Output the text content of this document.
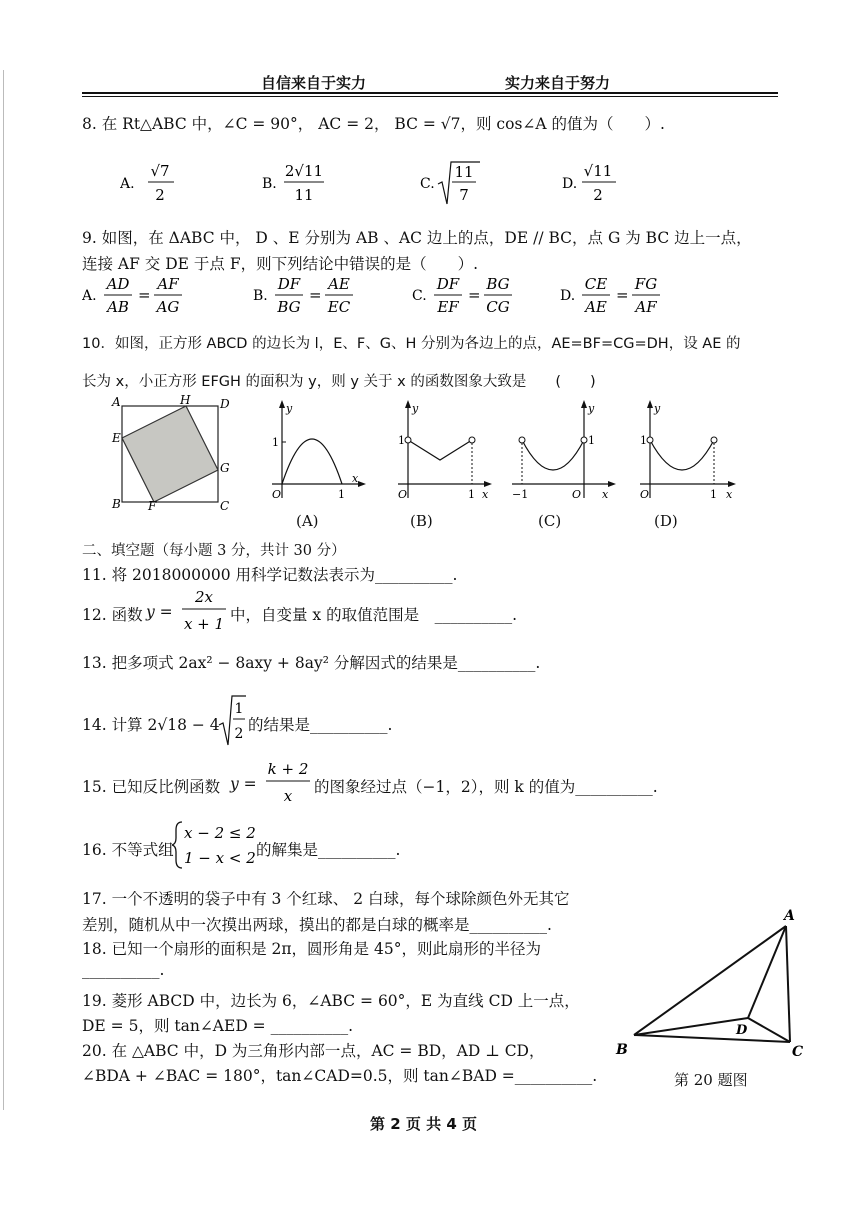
自信来自于实力	实力来自于努力
8. 在 Rt△ABC 中，∠C = 90°， AC = 2， BC = √7，则 cos∠A 的值为（　　）.
A.
√7
2
B.
2√11
11
C.
11
7
D.
√11
2
9. 如图，在 ΔABC 中， D 、E 分别为 AB 、AC 边上的点，DE // BC，点 G 为 BC 边上一点，
连接 AF 交 DE 于点 F，则下列结论中错误的是（　　）.
A.
AD
AB
=
AF
AG
B.
DF
BG
=
AE
EC
C.
DF
EF
=
BG
CG
D.
CE
AE
=
FG
AF
10．如图，正方形 ABCD 的边长为 l，E、F、G、H 分别为各边上的点，AE=BF=CG=DH，设 AE 的
长为 x，小正方形 EFGH 的面积为 y，则 y 关于 x 的函数图象大致是　　(　　)
A	H D
E
G
B F	C
y
1
O	1
x
y
1
O	1 x
y
1
−1	O x
y
1
O	1 x
(A)	(B)	(C)	(D)
二、填空题（每小题 3 分，共计 30 分）
11. 将 2018000000 用科学记数法表示为__________.
12. 函数 y =
2x
x + 1 中，自变量 x 的取值范围是　__________.
13. 把多项式 2ax² − 8axy + 8ay² 分解因式的结果是__________.
14. 计算 2√18 − 4
1
2 的结果是__________.
15. 已知反比例函数 y =
k + 2
x 的图象经过点（−1，2），则 k 的值为__________.
16. 不等式组
x − 2 ≤ 2
1 − x < 2 的解集是__________.
17. 一个不透明的袋子中有 3 个红球、 2 白球，每个球除颜色外无其它
差别，随机从中一次摸出两球，摸出的都是白球的概率是__________.
18. 已知一个扇形的面积是 2π，圆形角是 45°，则此扇形的半径为
__________.
19. 菱形 ABCD 中，边长为 6，∠ABC = 60°，E 为直线 CD 上一点，
DE = 5，则 tan∠AED = __________.
20. 在 △ABC 中，D 为三角形内部一点，AC = BD，AD ⊥ CD，
∠BDA + ∠BAC = 180°，tan∠CAD=0.5，则 tan∠BAD =__________.
A
B	C
D
第 20 题图
第 2 页 共 4 页
